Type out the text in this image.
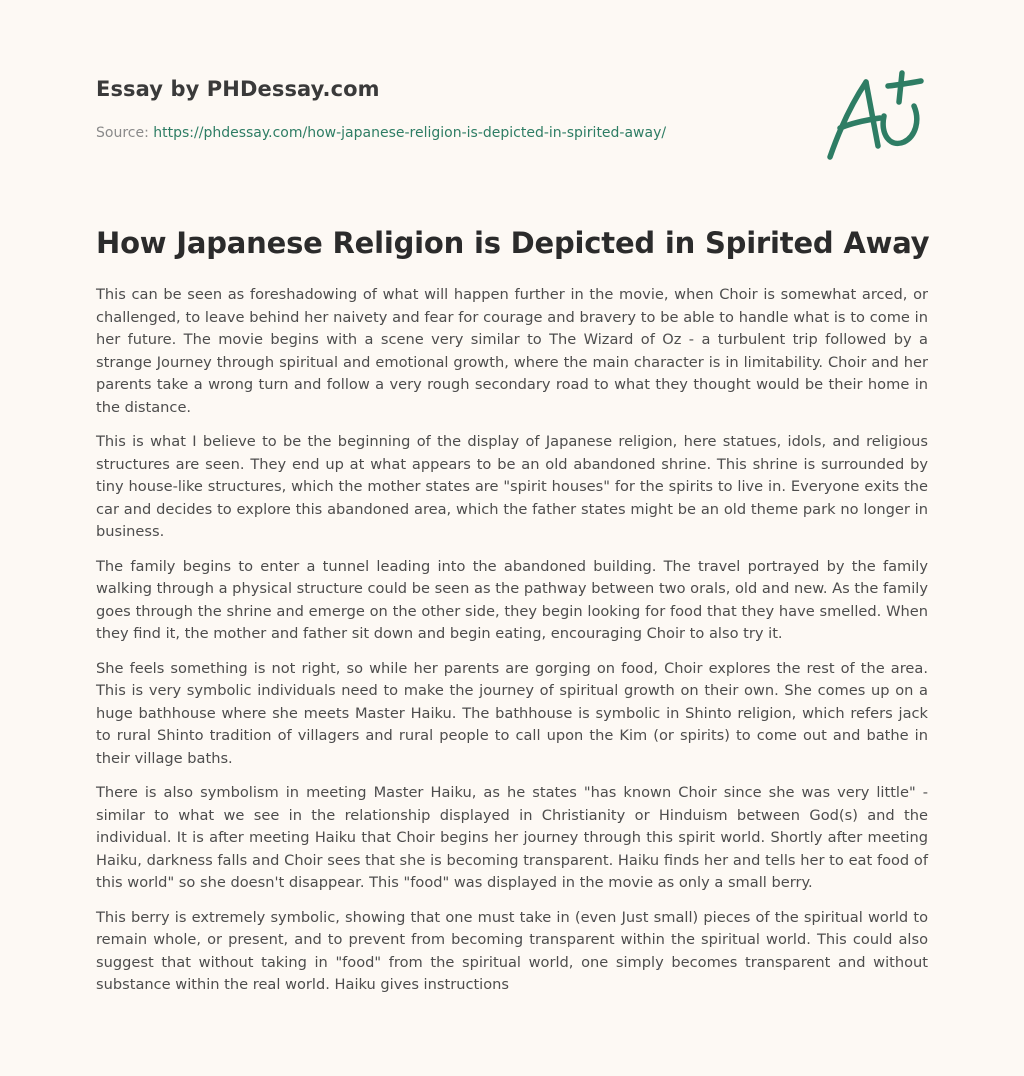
Essay by PHDessay.com
Source: https://phdessay.com/how-japanese-religion-is-depicted-in-spirited-away/
How Japanese Religion is Depicted in Spirited Away

This can be seen as foreshadowing of what will happen further in the movie, when Choir is somewhat arced, or challenged, to leave behind her naivety and fear for courage and bravery to be able to handle what is to come in her future. The movie begins with a scene very similar to The Wizard of Oz - a turbulent trip followed by a strange Journey through spiritual and emotional growth, where the main character is in limitability. Choir and her parents take a wrong turn and follow a very rough secondary road to what they thought would be their home in the distance.

This is what I believe to be the beginning of the display of Japanese religion, here statues, idols, and religious structures are seen. They end up at what appears to be an old abandoned shrine. This shrine is surrounded by tiny house-like structures, which the mother states are "spirit houses" for the spirits to live in. Everyone exits the car and decides to explore this abandoned area, which the father states might be an old theme park no longer in business.

The family begins to enter a tunnel leading into the abandoned building. The travel portrayed by the family walking through a physical structure could be seen as the pathway between two orals, old and new. As the family goes through the shrine and emerge on the other side, they begin looking for food that they have smelled. When they find it, the mother and father sit down and begin eating, encouraging Choir to also try it.

She feels something is not right, so while her parents are gorging on food, Choir explores the rest of the area. This is very symbolic individuals need to make the journey of spiritual growth on their own. She comes up on a huge bathhouse where she meets Master Haiku. The bathhouse is symbolic in Shinto religion, which refers jack to rural Shinto tradition of villagers and rural people to call upon the Kim (or spirits) to come out and bathe in their village baths.

There is also symbolism in meeting Master Haiku, as he states "has known Choir since she was very little" - similar to what we see in the relationship displayed in Christianity or Hinduism between God(s) and the individual. It is after meeting Haiku that Choir begins her journey through this spirit world. Shortly after meeting Haiku, darkness falls and Choir sees that she is becoming transparent. Haiku finds her and tells her to eat food of this world" so she doesn't disappear. This "food" was displayed in the movie as only a small berry.

This berry is extremely symbolic, showing that one must take in (even Just small) pieces of the spiritual world to remain whole, or present, and to prevent from becoming transparent within the spiritual world. This could also suggest that without taking in "food" from the spiritual world, one simply becomes transparent and without substance within the real world. Haiku gives instructions
